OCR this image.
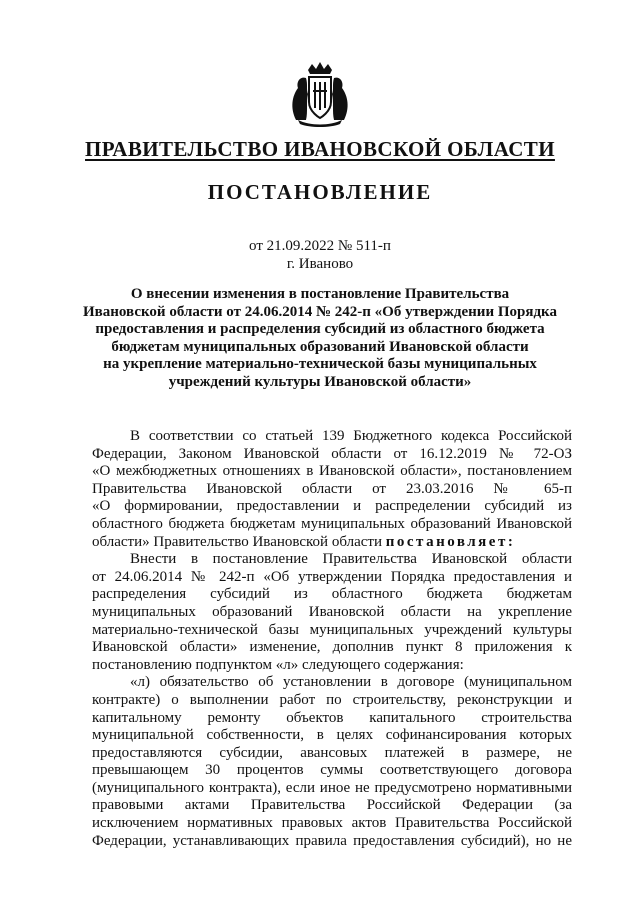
ПРАВИТЕЛЬСТВО ИВАНОВСКОЙ ОБЛАСТИ
ПОСТАНОВЛЕНИЕ
от 21.09.2022 № 511-п
г. Иваново
О внесении изменения в постановление Правительства
Ивановской области от 24.06.2014 № 242-п «Об утверждении Порядка
предоставления и распределения субсидий из областного бюджета
бюджетам муниципальных образований Ивановской области
на укрепление материально-технической базы муниципальных
учреждений культуры Ивановской области»
В соответствии со статьей 139 Бюджетного кодекса Российской
Федерации, Законом Ивановской области от 16.12.2019 № 72-ОЗ
«О межбюджетных отношениях в Ивановской области», постановлением
Правительства Ивановской области от 23.03.2016 № 65-п
«О формировании, предоставлении и распределении субсидий из
областного бюджета бюджетам муниципальных образований Ивановской
области» Правительство Ивановской области постановляет:
Внести в постановление Правительства Ивановской области
от 24.06.2014 № 242-п «Об утверждении Порядка предоставления и
распределения субсидий из областного бюджета бюджетам
муниципальных образований Ивановской области на укрепление
материально-технической базы муниципальных учреждений культуры
Ивановской области» изменение, дополнив пункт 8 приложения к
постановлению подпунктом «л» следующего содержания:
«л) обязательство об установлении в договоре (муниципальном
контракте) о выполнении работ по строительству, реконструкции и
капитальному ремонту объектов капитального строительства
муниципальной собственности, в целях софинансирования которых
предоставляются субсидии, авансовых платежей в размере, не
превышающем 30 процентов суммы соответствующего договора
(муниципального контракта), если иное не предусмотрено нормативными
правовыми актами Правительства Российской Федерации (за
исключением нормативных правовых актов Правительства Российской
Федерации, устанавливающих правила предоставления субсидий), но не
